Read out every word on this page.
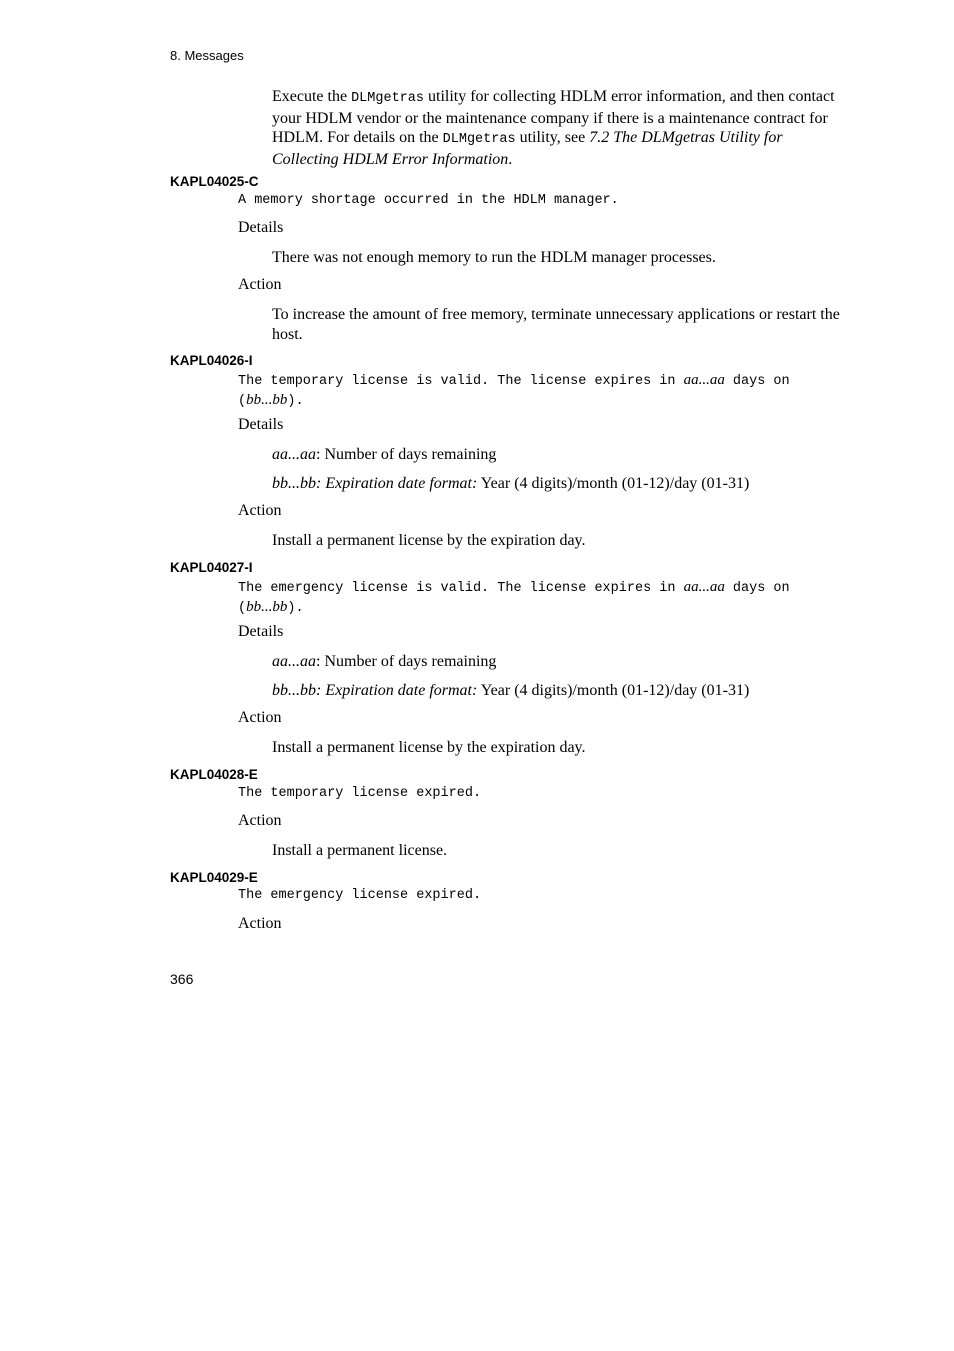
8. Messages
Execute the DLMgetras utility for collecting HDLM error information, and then contact your HDLM vendor or the maintenance company if there is a maintenance contract for HDLM. For details on the DLMgetras utility, see 7.2 The DLMgetras Utility for Collecting HDLM Error Information.
KAPL04025-C
A memory shortage occurred in the HDLM manager.
Details
There was not enough memory to run the HDLM manager processes.
Action
To increase the amount of free memory, terminate unnecessary applications or restart the host.
KAPL04026-I
The temporary license is valid. The license expires in aa...aa days on (bb...bb).
Details
aa...aa: Number of days remaining
bb...bb: Expiration date format: Year (4 digits)/month (01-12)/day (01-31)
Action
Install a permanent license by the expiration day.
KAPL04027-I
The emergency license is valid. The license expires in aa...aa days on (bb...bb).
Details
aa...aa: Number of days remaining
bb...bb: Expiration date format: Year (4 digits)/month (01-12)/day (01-31)
Action
Install a permanent license by the expiration day.
KAPL04028-E
The temporary license expired.
Action
Install a permanent license.
KAPL04029-E
The emergency license expired.
Action
366
